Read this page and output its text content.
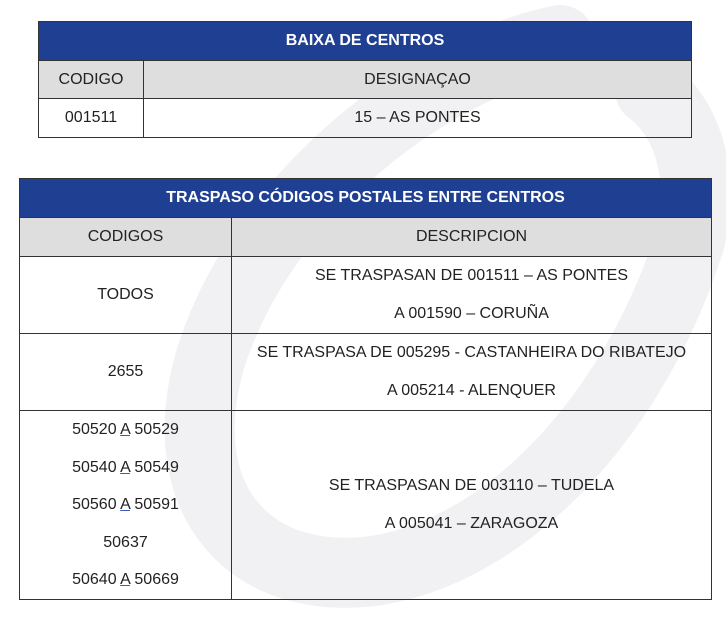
BAIXA DE CENTROS	
CODIGO	DESIGNAÇAO
001511	15 – AS PONTES
TRASPASO CÓDIGOS POSTALES ENTRE CENTROS	
CODIGOS	DESCRIPCION

TODOS	SE TRASPASAN DE 001511 – AS PONTES
A 001590 – CORUÑA

2655	SE TRASPASA DE 005295 - CASTANHEIRA DO RIBATEJO
A 005214 - ALENQUER

50520 A 50529
50540 A 50549
50560 A 50591
50637
50640 A 50669	SE TRASPASAN DE 003110 – TUDELA
A 005041 – ZARAGOZA
